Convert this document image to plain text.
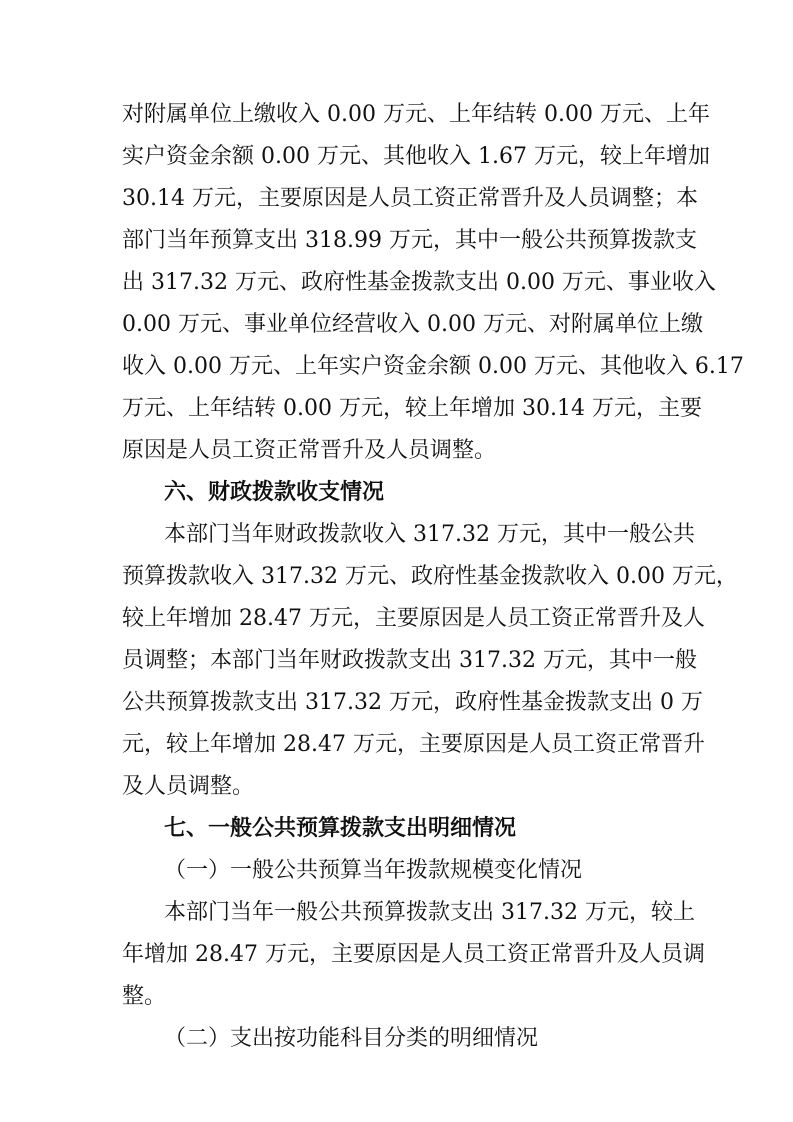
对附属单位上缴收入 0.00 万元、上年结转 0.00 万元、上年

实户资金余额 0.00 万元、其他收入 1.67 万元，较上年增加

30.14 万元，主要原因是人员工资正常晋升及人员调整；本

部门当年预算支出 318.99 万元，其中一般公共预算拨款支

出 317.32 万元、政府性基金拨款支出 0.00 万元、事业收入

0.00 万元、事业单位经营收入 0.00 万元、对附属单位上缴

收入 0.00 万元、上年实户资金余额 0.00 万元、其他收入 6.17

万元、上年结转 0.00 万元，较上年增加 30.14 万元，主要

原因是人员工资正常晋升及人员调整。

六、财政拨款收支情况

本部门当年财政拨款收入 317.32 万元，其中一般公共

预算拨款收入 317.32 万元、政府性基金拨款收入 0.00 万元，

较上年增加 28.47 万元，主要原因是人员工资正常晋升及人

员调整；本部门当年财政拨款支出 317.32 万元，其中一般

公共预算拨款支出 317.32 万元，政府性基金拨款支出 0 万

元，较上年增加 28.47 万元，主要原因是人员工资正常晋升

及人员调整。

七、一般公共预算拨款支出明细情况

（一）一般公共预算当年拨款规模变化情况

本部门当年一般公共预算拨款支出 317.32 万元，较上

年增加 28.47 万元，主要原因是人员工资正常晋升及人员调

整。

（二）支出按功能科目分类的明细情况
